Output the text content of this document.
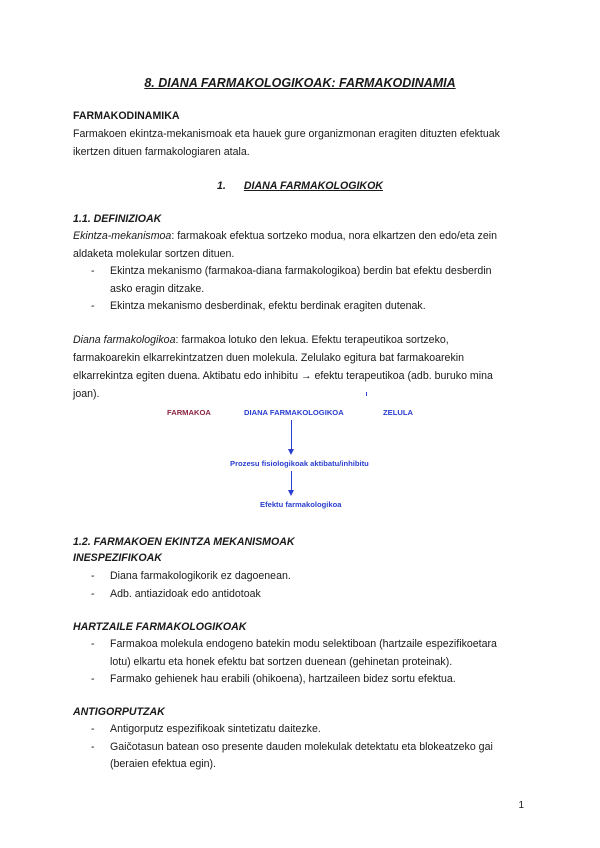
8. DIANA FARMAKOLOGIKOAK: FARMAKODINAMIA
FARMAKODINAMIKA
Farmakoen ekintza-mekanismoak eta hauek gure organizmonan eragiten dituzten efektuak
ikertzen dituen farmakologiaren atala.
1. DIANA FARMAKOLOGIKOK
1.1. DEFINIZIOAK
Ekintza-mekanismoa: farmakoak efektua sortzeko modua, nora elkartzen den edo/eta zein
aldaketa molekular sortzen dituen.
- Ekintza mekanismo (farmakoa-diana farmakologikoa) berdin bat efektu desberdin
asko eragin ditzake.
- Ekintza mekanismo desberdinak, efektu berdinak eragiten dutenak.
Diana farmakologikoa: farmakoa lotuko den lekua. Efektu terapeutikoa sortzeko,
farmakoarekin elkarrekintzatzen duen molekula. Zelulako egitura bat farmakoarekin
elkarrekintza egiten duena. Aktibatu edo inhibitu → efektu terapeutikoa (adb. buruko mina
joan).
FARMAKOA	DIANA FARMAKOLOGIKOA	ZELULA
Prozesu fisiologikoak aktibatu/inhibitu
Efektu farmakologikoa
1.2. FARMAKOEN EKINTZA MEKANISMOAK
INESPEZIFIKOAK
- Diana farmakologikorik ez dagoenean.
- Adb. antiazidoak edo antidotoak
HARTZAILE FARMAKOLOGIKOAK
- Farmakoa molekula endogeno batekin modu selektiboan (hartzaile espezifikoetara
lotu) elkartu eta honek efektu bat sortzen duenean (gehinetan proteinak).
- Farmako gehienek hau erabili (ohikoena), hartzaileen bidez sortu efektua.
ANTIGORPUTZAK
- Antigorputz espezifikoak sintetizatu daitezke.
- Gaičotasun batean oso presente dauden molekulak detektatu eta blokeatzeko gai
(beraien efektua egin).
1
